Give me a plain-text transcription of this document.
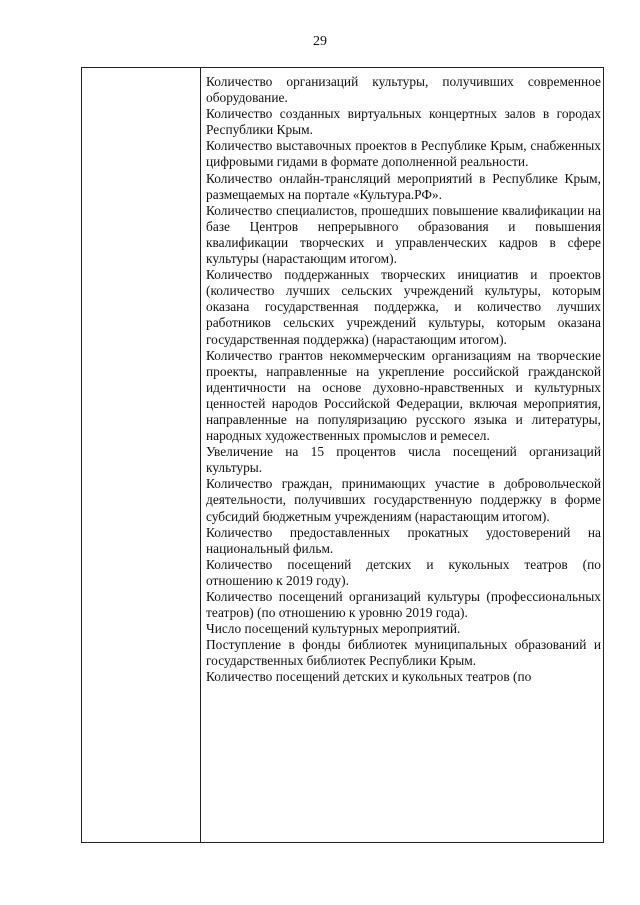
29

Количество организаций культуры, получивших современное оборудование.

Количество созданных виртуальных концертных залов в городах Республики Крым.

Количество выставочных проектов в Республике Крым, снабженных цифровыми гидами в формате дополненной реальности.

Количество онлайн-трансляций мероприятий в Республике Крым, размещаемых на портале «Культура.РФ».

Количество специалистов, прошедших повышение квалификации на базе Центров непрерывного образования и повышения квалификации творческих и управленческих кадров в сфере культуры (нарастающим итогом).

Количество поддержанных творческих инициатив и проектов (количество лучших сельских учреждений культуры, которым оказана государственная поддержка, и количество лучших работников сельских учреждений культуры, которым оказана государственная поддержка) (нарастающим итогом).

Количество грантов некоммерческим организациям на творческие проекты, направленные на укрепление российской гражданской идентичности на основе духовно-нравственных и культурных ценностей народов Российской Федерации, включая мероприятия, направленные на популяризацию русского языка и литературы, народных художественных промыслов и ремесел.

Увеличение на 15 процентов числа посещений организаций культуры.

Количество граждан, принимающих участие в добровольческой деятельности, получивших государственную поддержку в форме субсидий бюджетным учреждениям (нарастающим итогом).

Количество предоставленных прокатных удостоверений на национальный фильм.

Количество посещений детских и кукольных театров (по отношению к 2019 году).

Количество посещений организаций культуры (профессиональных театров) (по отношению к уровню 2019 года).

Число посещений культурных мероприятий.

Поступление в фонды библиотек муниципальных образований и государственных библиотек Республики Крым.

Количество посещений детских и кукольных театров (по
